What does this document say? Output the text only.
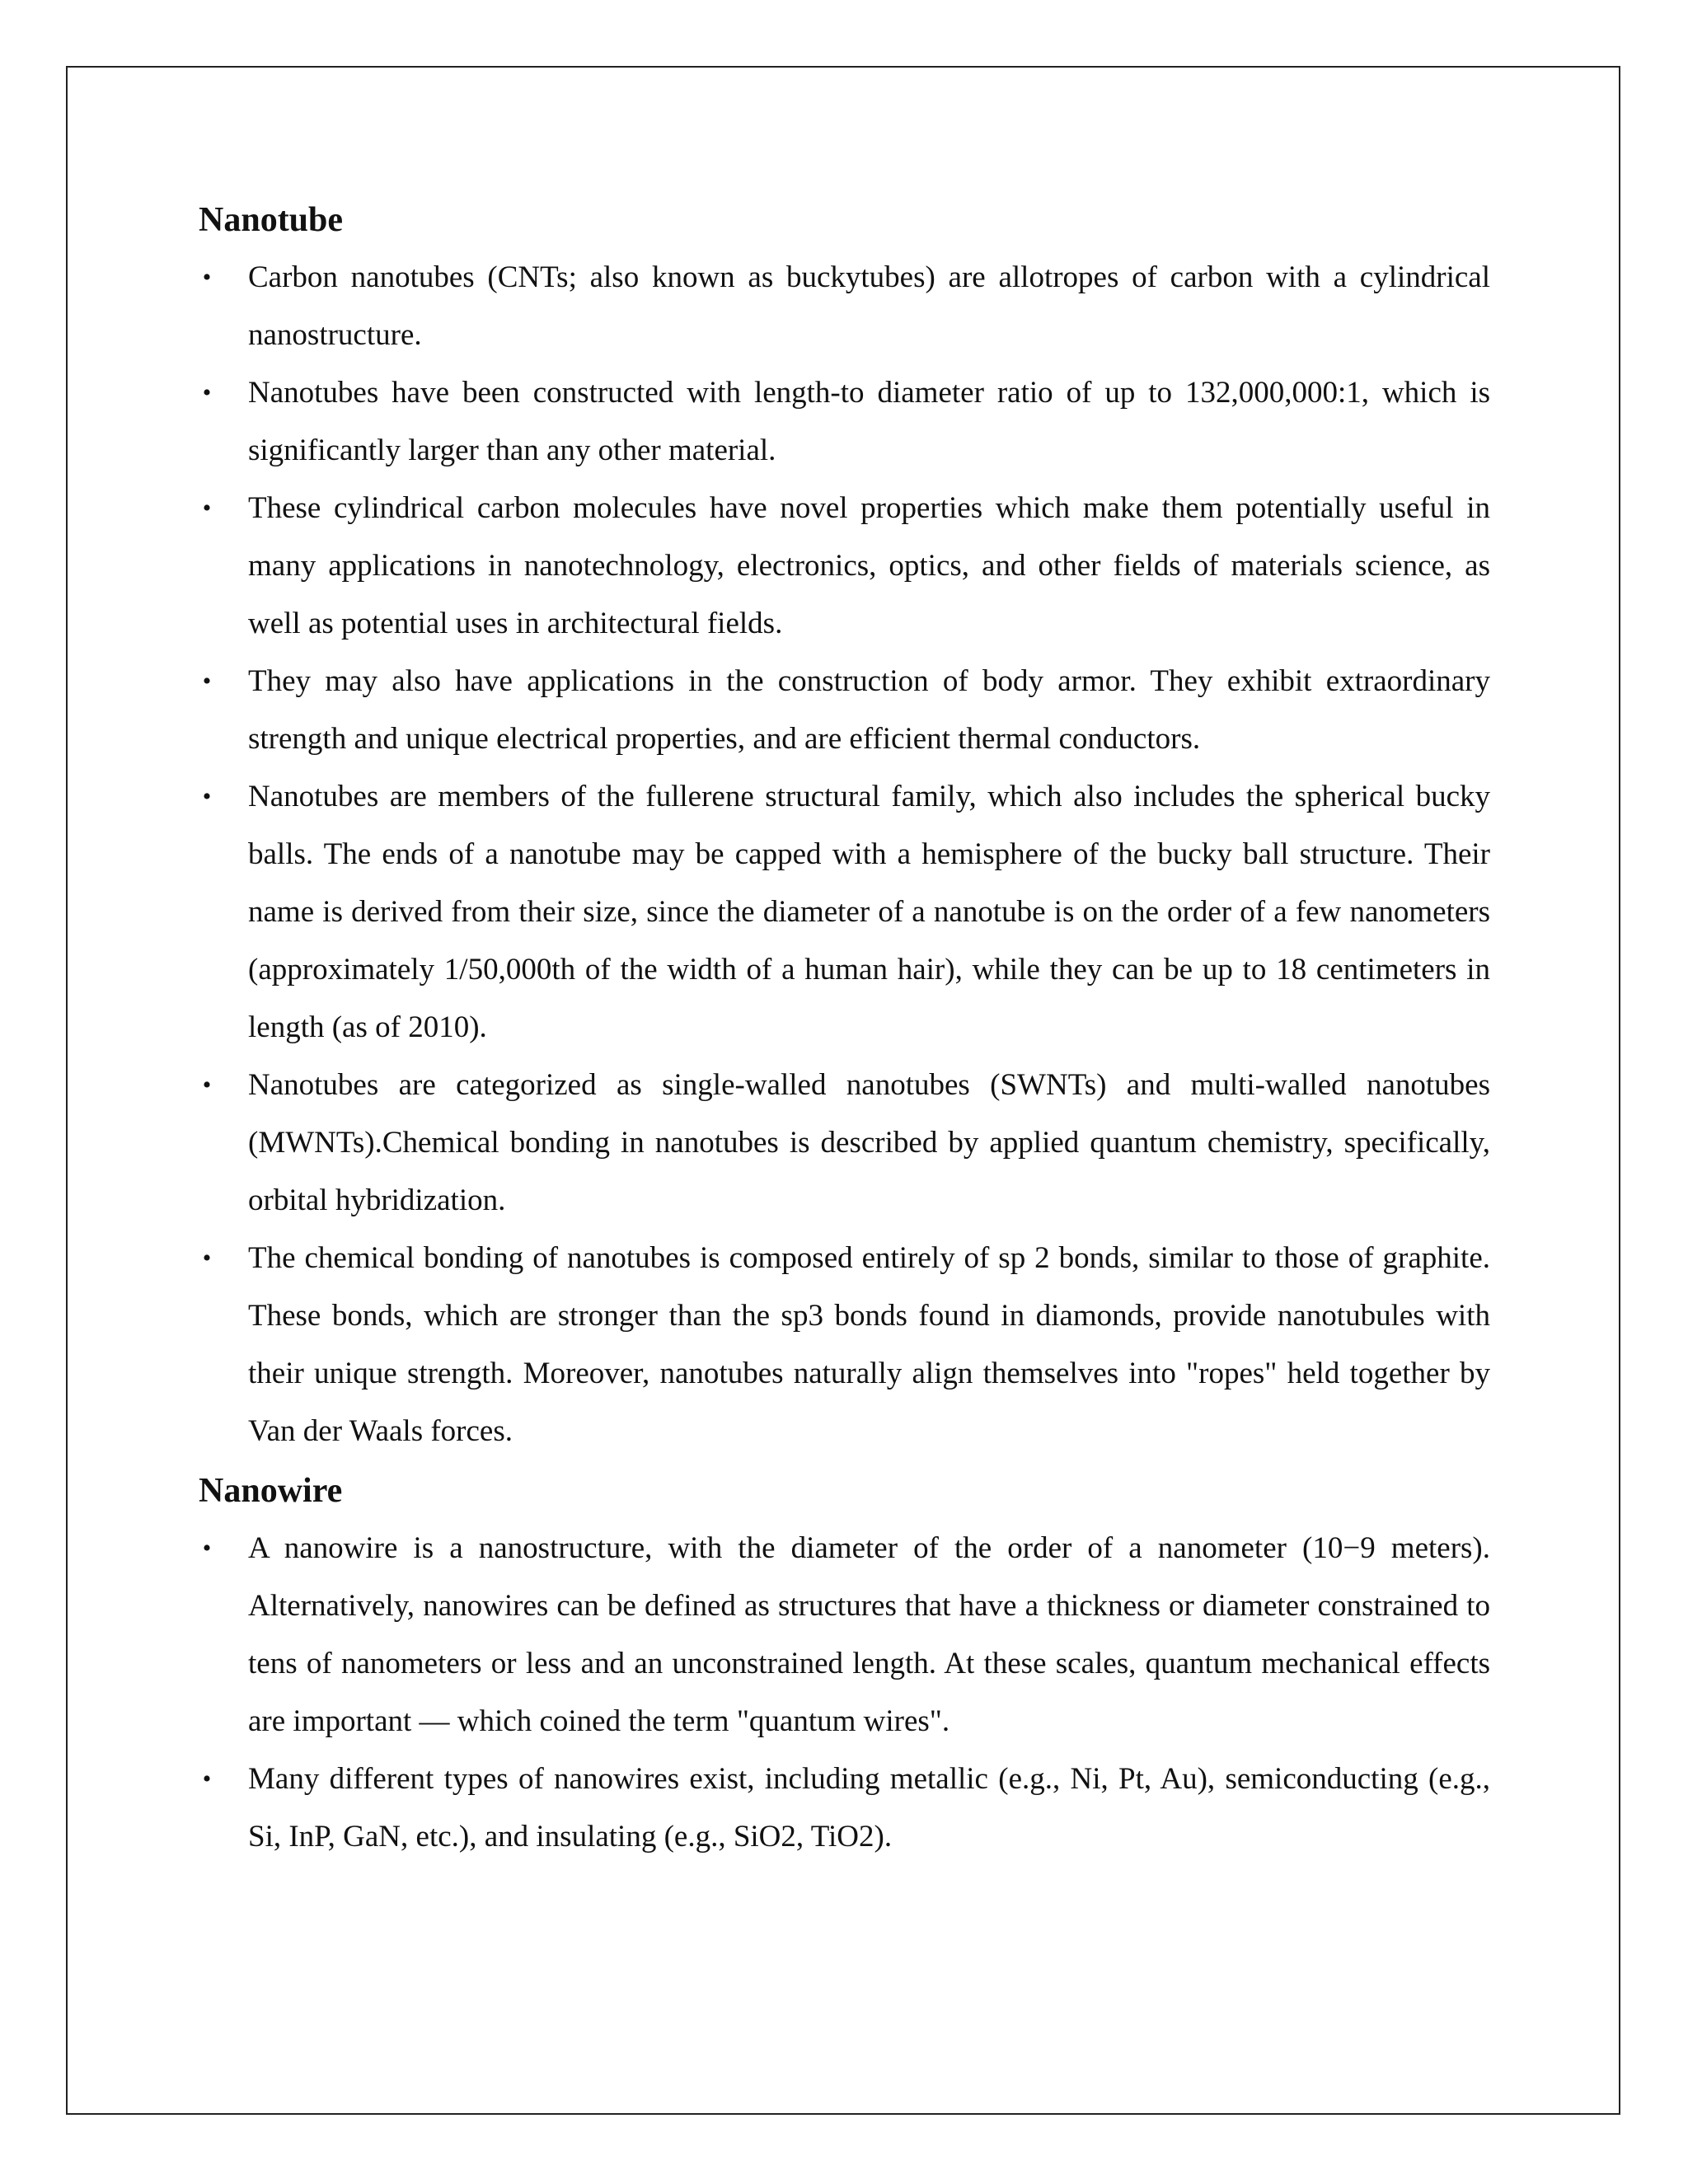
Nanotube
• Carbon nanotubes (CNTs; also known as buckytubes) are allotropes of carbon with a cylindrical nanostructure.
• Nanotubes have been constructed with length-to diameter ratio of up to 132,000,000:1, which is significantly larger than any other material.
• These cylindrical carbon molecules have novel properties which make them potentially useful in many applications in nanotechnology, electronics, optics, and other fields of materials science, as well as potential uses in architectural fields.
• They may also have applications in the construction of body armor. They exhibit extraordinary strength and unique electrical properties, and are efficient thermal conductors.
• Nanotubes are members of the fullerene structural family, which also includes the spherical bucky balls. The ends of a nanotube may be capped with a hemisphere of the bucky ball structure. Their name is derived from their size, since the diameter of a nanotube is on the order of a few nanometers (approximately 1/50,000th of the width of a human hair), while they can be up to 18 centimeters in length (as of 2010).
• Nanotubes are categorized as single-walled nanotubes (SWNTs) and multi-walled nanotubes (MWNTs).Chemical bonding in nanotubes is described by applied quantum chemistry, specifically, orbital hybridization.
• The chemical bonding of nanotubes is composed entirely of sp 2 bonds, similar to those of graphite. These bonds, which are stronger than the sp3 bonds found in diamonds, provide nanotubules with their unique strength. Moreover, nanotubes naturally align themselves into "ropes" held together by Van der Waals forces.
Nanowire
• A nanowire is a nanostructure, with the diameter of the order of a nanometer (10−9 meters). Alternatively, nanowires can be defined as structures that have a thickness or diameter constrained to tens of nanometers or less and an unconstrained length. At these scales, quantum mechanical effects are important — which coined the term "quantum wires".
• Many different types of nanowires exist, including metallic (e.g., Ni, Pt, Au), semiconducting (e.g., Si, InP, GaN, etc.), and insulating (e.g., SiO2, TiO2).
